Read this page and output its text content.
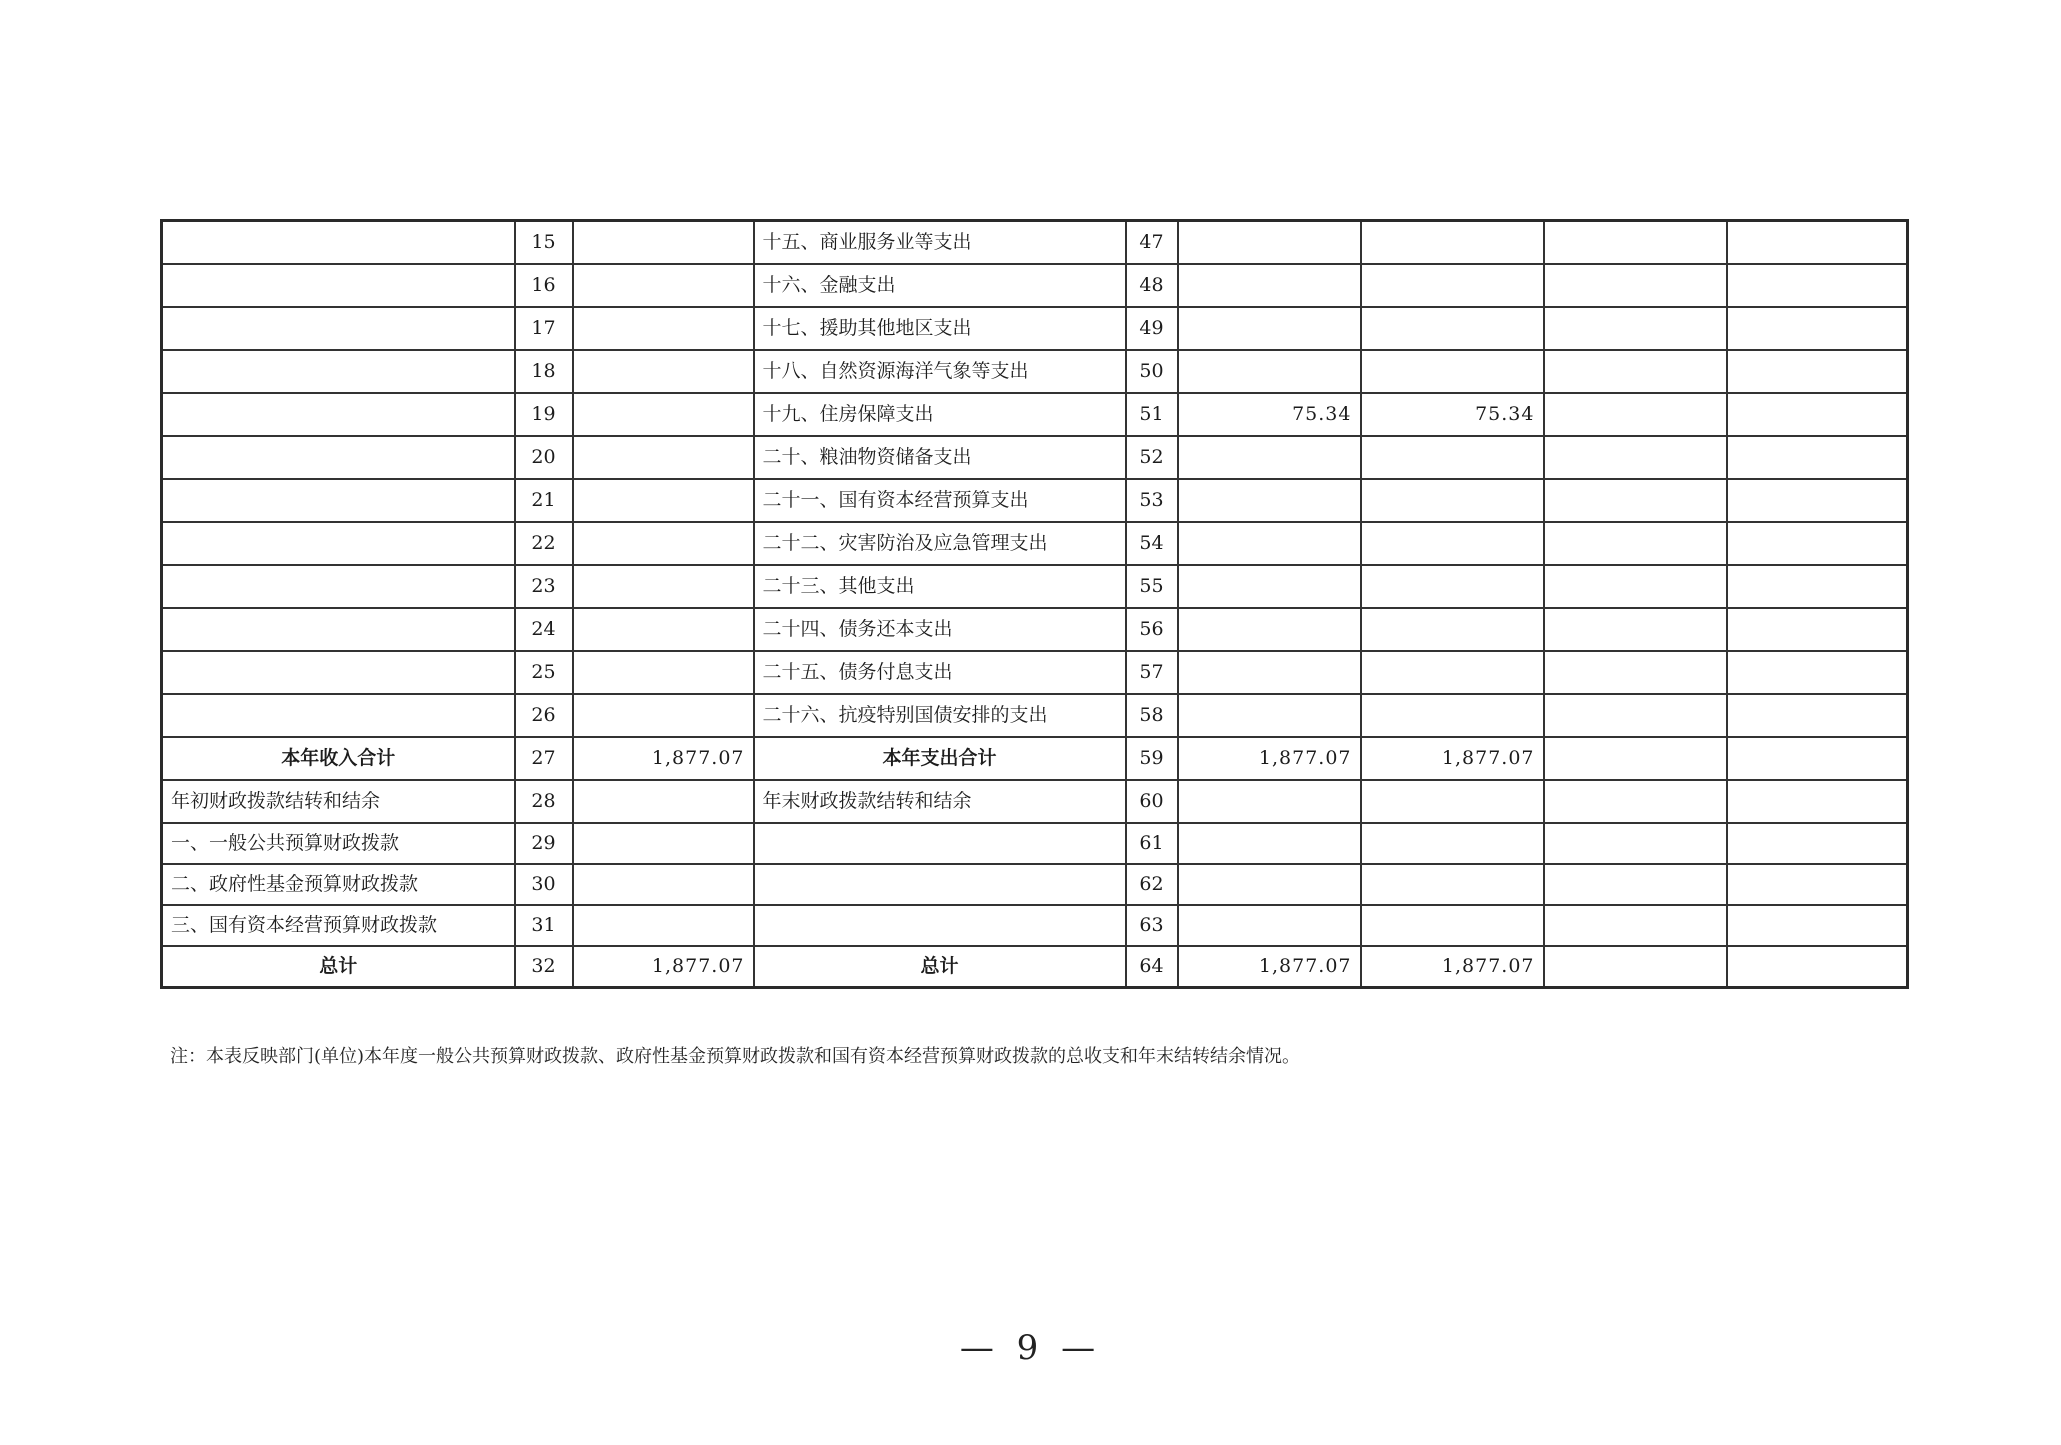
	15		十五、商业服务业等支出	47				
	16		十六、金融支出	48				
	17		十七、援助其他地区支出	49				
	18		十八、自然资源海洋气象等支出	50				
	19		十九、住房保障支出	51	75.34	75.34		
	20		二十、粮油物资储备支出	52				
	21		二十一、国有资本经营预算支出	53				
	22		二十二、灾害防治及应急管理支出	54				
	23		二十三、其他支出	55				
	24		二十四、债务还本支出	56				
	25		二十五、债务付息支出	57				
	26		二十六、抗疫特别国债安排的支出	58				
本年收入合计	27	1,877.07	本年支出合计	59	1,877.07	1,877.07		
年初财政拨款结转和结余	28		年末财政拨款结转和结余	60				
一、一般公共预算财政拨款	29			61				
二、政府性基金预算财政拨款	30			62				
三、国有资本经营预算财政拨款	31			63				
总计	32	1,877.07	总计	64	1,877.07	1,877.07		
注：本表反映部门(单位)本年度一般公共预算财政拨款、政府性基金预算财政拨款和国有资本经营预算财政拨款的总收支和年末结转结余情况。
— 9 —
